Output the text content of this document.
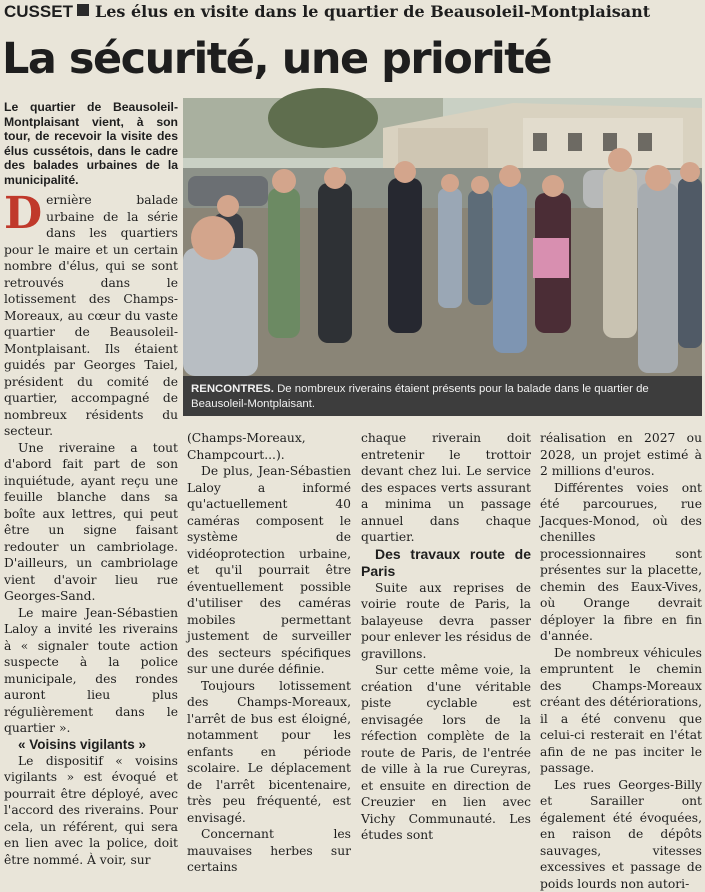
CUSSET Les élus en visite dans le quartier de Beausoleil-Montplaisant
La sécurité, une priorité

Le quartier de Beausoleil-Montplaisant vient, à son tour, de recevoir la visite des élus cussétois, dans le cadre des balades urbaines de la municipalité.

RENCONTRES. De nombreux riverains étaient présents pour la balade dans le quartier de Beausoleil-Montplaisant.

Dernière balade urbaine de la série dans les quartiers pour le maire et un certain nombre d'élus, qui se sont retrouvés dans le lotissement des Champs-Moreaux, au cœur du vaste quartier de Beausoleil-Montplaisant. Ils étaient guidés par Georges Taiel, président du comité de quartier, accompagné de nombreux résidents du secteur.

Une riveraine a tout d'abord fait part de son inquiétude, ayant reçu une feuille blanche dans sa boîte aux lettres, qui peut être un signe faisant redouter un cambriolage. D'ailleurs, un cambriolage vient d'avoir lieu rue Georges-Sand.

Le maire Jean-Sébastien Laloy a invité les riverains à « signaler toute action suspecte à la police municipale, des rondes auront lieu plus régulièrement dans le quartier ».

« Voisins vigilants »

Le dispositif « voisins vigilants » est évoqué et pourrait être déployé, avec l'accord des riverains. Pour cela, un référent, qui sera en lien avec la police, doit être nommé. À voir, sur

(Champs-Moreaux, Champcourt...).

De plus, Jean-Sébastien Laloy a informé qu'actuellement 40 caméras composent le système de vidéoprotection urbaine, et qu'il pourrait être éventuellement possible d'utiliser des caméras mobiles permettant justement de surveiller des secteurs spécifiques sur une durée définie.

Toujours lotissement des Champs-Moreaux, l'arrêt de bus est éloigné, notamment pour les enfants en période scolaire. Le déplacement de l'arrêt bicentenaire, très peu fréquenté, est envisagé.

Concernant les mauvaises herbes sur certains

chaque riverain doit entretenir le trottoir devant chez lui. Le service des espaces verts assurant a minima un passage annuel dans chaque quartier.

Des travaux route de Paris

Suite aux reprises de voirie route de Paris, la balayeuse devra passer pour enlever les résidus de gravillons.

Sur cette même voie, la création d'une véritable piste cyclable est envisagée lors de la réfection complète de la route de Paris, de l'entrée de ville à la rue Cureyras, et ensuite en direction de Creuzier en lien avec Vichy Communauté. Les études sont

réalisation en 2027 ou 2028, un projet estimé à 2 millions d'euros.

Différentes voies ont été parcourues, rue Jacques-Monod, où des chenilles processionnaires sont présentes sur la placette, chemin des Eaux-Vives, où Orange devrait déployer la fibre en fin d'année.

De nombreux véhicules empruntent le chemin des Champs-Moreaux créant des détériorations, il a été convenu que celui-ci resterait en l'état afin de ne pas inciter le passage.

Les rues Georges-Billy et Sarailler ont également été évoquées, en raison de dépôts sauvages, vitesses excessives et passage de poids lourds non autori-
